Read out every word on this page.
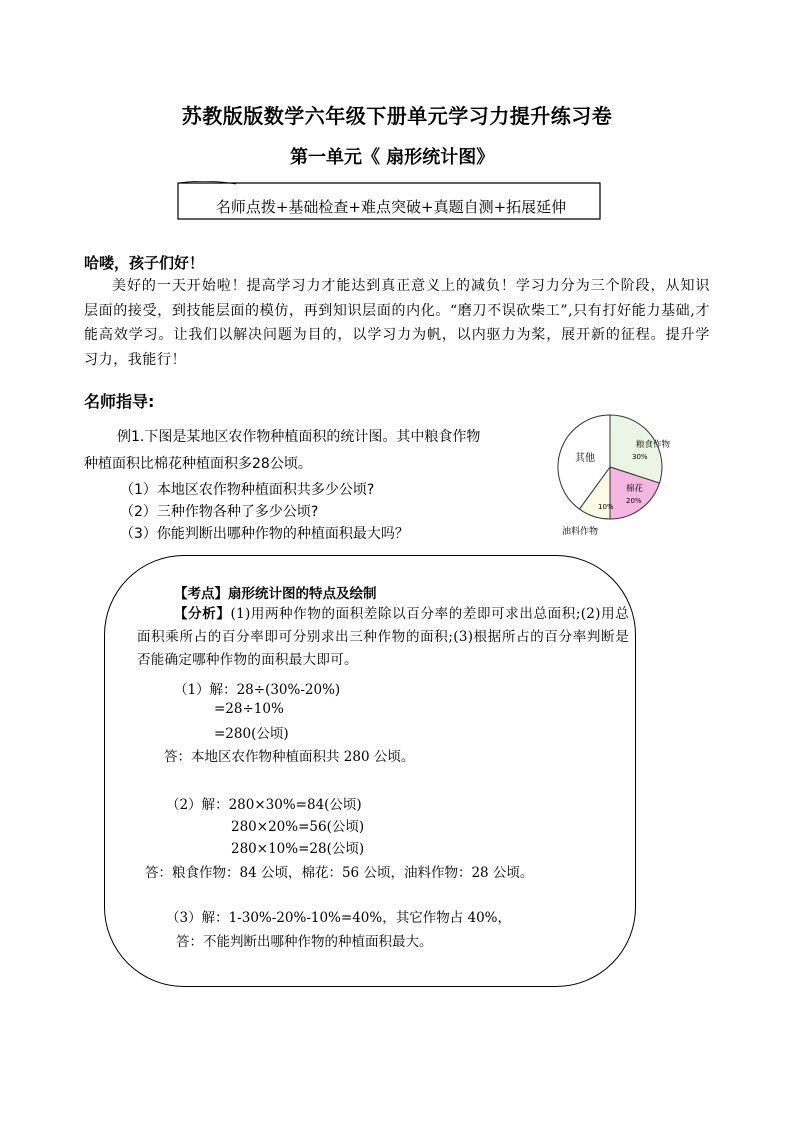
苏教版版数学六年级下册单元学习力提升练习卷
第一单元《 扇形统计图》
名师点拨+基础检查+难点突破+真题自测+拓展延伸
哈喽，孩子们好！
美好的一天开始啦！提高学习力才能达到真正意义上的减负！学习力分为三个阶段，从知识层面的接受，到技能层面的模仿，再到知识层面的内化。“磨刀不误砍柴工”,只有打好能力基础,才能高效学习。让我们以解决问题为目的，以学习力为帆，以内驱力为桨，展开新的征程。提升学习力，我能行！
名师指导:
例1.下图是某地区农作物种植面积的统计图。其中粮食作物
种植面积比棉花种植面积多28公顷。
（1）本地区农作物种植面积共多少公顷?
（2）三种作物各种了多少公顷?
（3）你能判断出哪种作物的种植面积最大吗？
粮食作物
30%
棉花
20%
10%
其他
油料作物
【考点】扇形统计图的特点及绘制
【分析】(1)用两种作物的面积差除以百分率的差即可求出总面积;(2)用总面积乘所占的百分率即可分别求出三种作物的面积;(3)根据所占的百分率判断是否能确定哪种作物的面积最大即可。
（1）解：28÷(30%-20%)
=28÷10%
=280(公顷)
答：本地区农作物种植面积共 280 公顷。
（2）解：280×30%=84(公顷)
280×20%=56(公顷)
280×10%=28(公顷)
答：粮食作物：84 公顷，棉花：56 公顷，油料作物：28 公顷。
（3）解：1-30%-20%-10%=40%，其它作物占 40%，
答：不能判断出哪种作物的种植面积最大。
